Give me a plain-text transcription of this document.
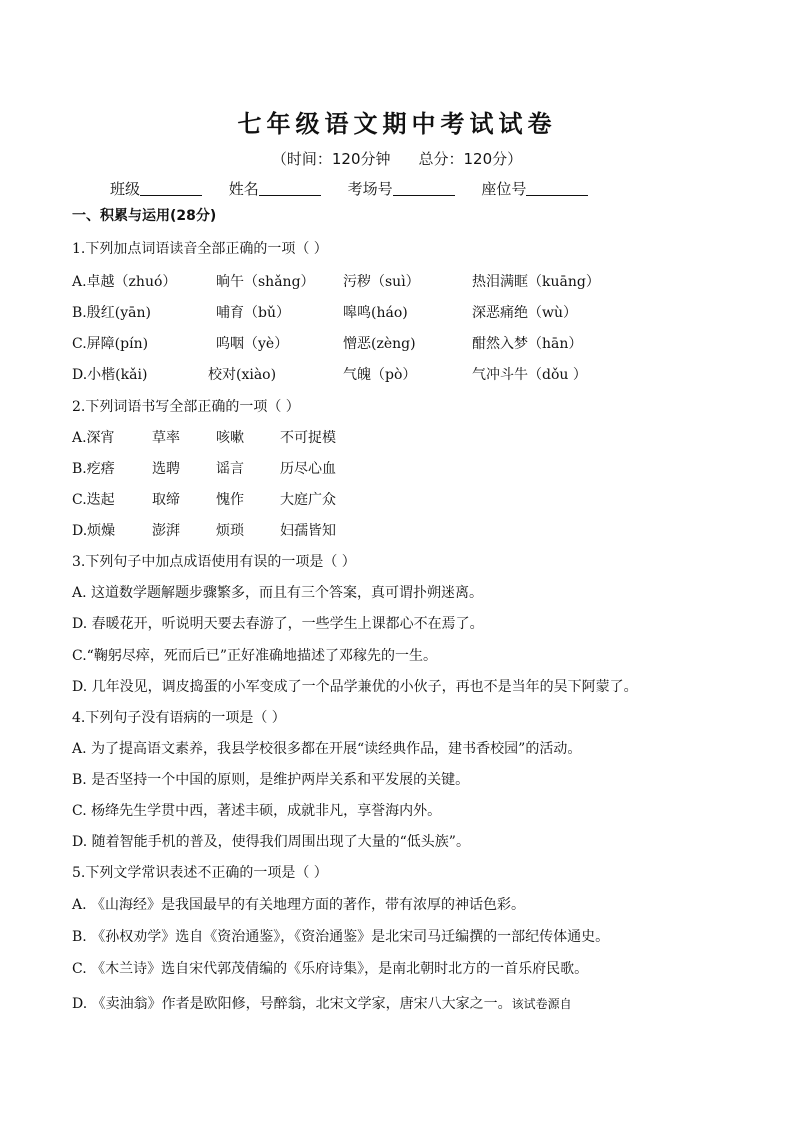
七年级语文期中考试试卷
（时间：120分钟 总分：120分）
班级	姓名	考场号	座位号
一、积累与运用(28分)
1.下列加点词语读音全部正确的一项（ ）
A.卓越（zhuó）	晌午（shǎng） 污秽（suì）	热泪满眶（kuāng）
B.殷红(yān)	哺育（bǔ）	嗥鸣(háo)	深恶痛绝（wù）
C.屏障(pín)	呜咽（yè）	憎恶(zèng)	酣然入梦（hān）
D.小楷(kǎi)	校对(xiào)	气魄（pò）	气冲斗牛（dǒu ）
2.下列词语书写全部正确的一项（ ）
A.深宵	草率	咳嗽	不可捉模
B.疙瘩	选聘	谣言	历尽心血
C.迭起	取缔	愧作	大庭广众
D.烦燥	澎湃	烦琐	妇孺皆知
3.下列句子中加点成语使用有误的一项是（ ）
A. 这道数学题解题步骤繁多，而且有三个答案，真可谓扑朔迷离。
D. 春暖花开，听说明天要去春游了，一些学生上课都心不在焉了。
C.“鞠躬尽瘁，死而后已”正好准确地描述了邓稼先的一生。
D. 几年没见，调皮捣蛋的小军变成了一个品学兼优的小伙子，再也不是当年的吴下阿蒙了。
4.下列句子没有语病的一项是（ ）
A. 为了提高语文素养，我县学校很多都在开展“读经典作品，建书香校园”的活动。
B. 是否坚持一个中国的原则，是维护两岸关系和平发展的关键。
C. 杨绛先生学贯中西，著述丰硕，成就非凡，享誉海内外。
D. 随着智能手机的普及，使得我们周围出现了大量的“低头族”。
5.下列文学常识表述不正确的一项是（ ）
A. 《山海经》是我国最早的有关地理方面的著作，带有浓厚的神话色彩。
B. 《孙权劝学》选自《资治通鉴》，《资治通鉴》是北宋司马迁编撰的一部纪传体通史。
C. 《木兰诗》选自宋代郭茂倩编的《乐府诗集》，是南北朝时北方的一首乐府民歌。
D. 《卖油翁》作者是欧阳修，号醉翁，北宋文学家，唐宋八大家之一。该试卷源自
